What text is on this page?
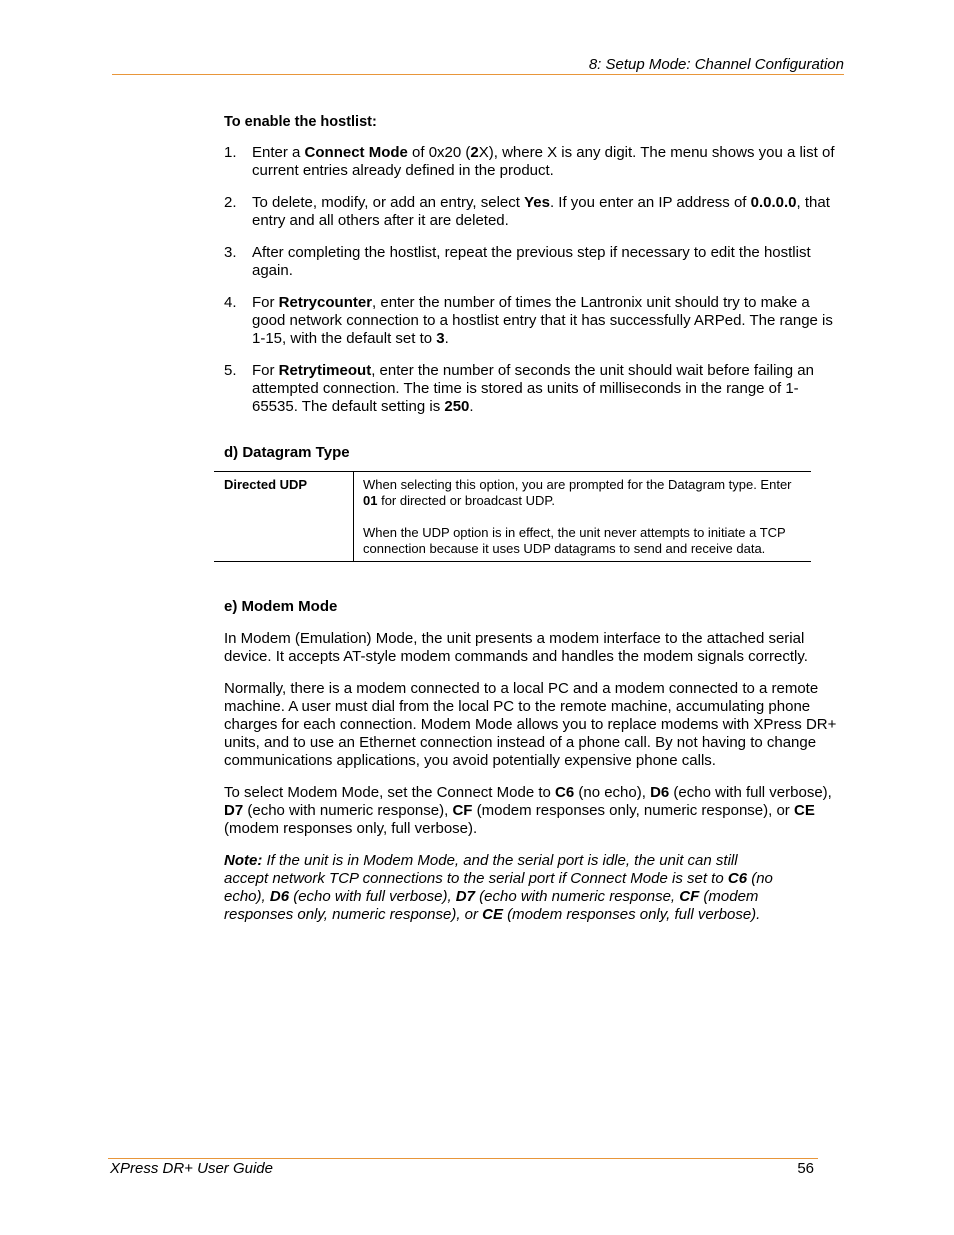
8: Setup Mode: Channel Configuration
To enable the hostlist:
1. Enter a Connect Mode of 0x20 (2X), where X is any digit. The menu shows you a list of current entries already defined in the product.
2. To delete, modify, or add an entry, select Yes. If you enter an IP address of 0.0.0.0, that entry and all others after it are deleted.
3. After completing the hostlist, repeat the previous step if necessary to edit the hostlist again.
4. For Retrycounter, enter the number of times the Lantronix unit should try to make a good network connection to a hostlist entry that it has successfully ARPed. The range is 1-15, with the default set to 3.
5. For Retrytimeout, enter the number of seconds the unit should wait before failing an attempted connection. The time is stored as units of milliseconds in the range of 1-65535. The default setting is 250.
d) Datagram Type
Directed UDP	When selecting this option, you are prompted for the Datagram type. Enter 01 for directed or broadcast UDP.

When the UDP option is in effect, the unit never attempts to initiate a TCP connection because it uses UDP datagrams to send and receive data.

e) Modem Mode

In Modem (Emulation) Mode, the unit presents a modem interface to the attached serial device. It accepts AT-style modem commands and handles the modem signals correctly.

Normally, there is a modem connected to a local PC and a modem connected to a remote machine. A user must dial from the local PC to the remote machine, accumulating phone charges for each connection. Modem Mode allows you to replace modems with XPress DR+ units, and to use an Ethernet connection instead of a phone call. By not having to change communications applications, you avoid potentially expensive phone calls.

To select Modem Mode, set the Connect Mode to C6 (no echo), D6 (echo with full verbose), D7 (echo with numeric response), CF (modem responses only, numeric response), or CE (modem responses only, full verbose).

Note: If the unit is in Modem Mode, and the serial port is idle, the unit can still accept network TCP connections to the serial port if Connect Mode is set to C6 (no echo), D6 (echo with full verbose), D7 (echo with numeric response, CF (modem responses only, numeric response), or CE (modem responses only, full verbose).

XPress DR+ User Guide	56
